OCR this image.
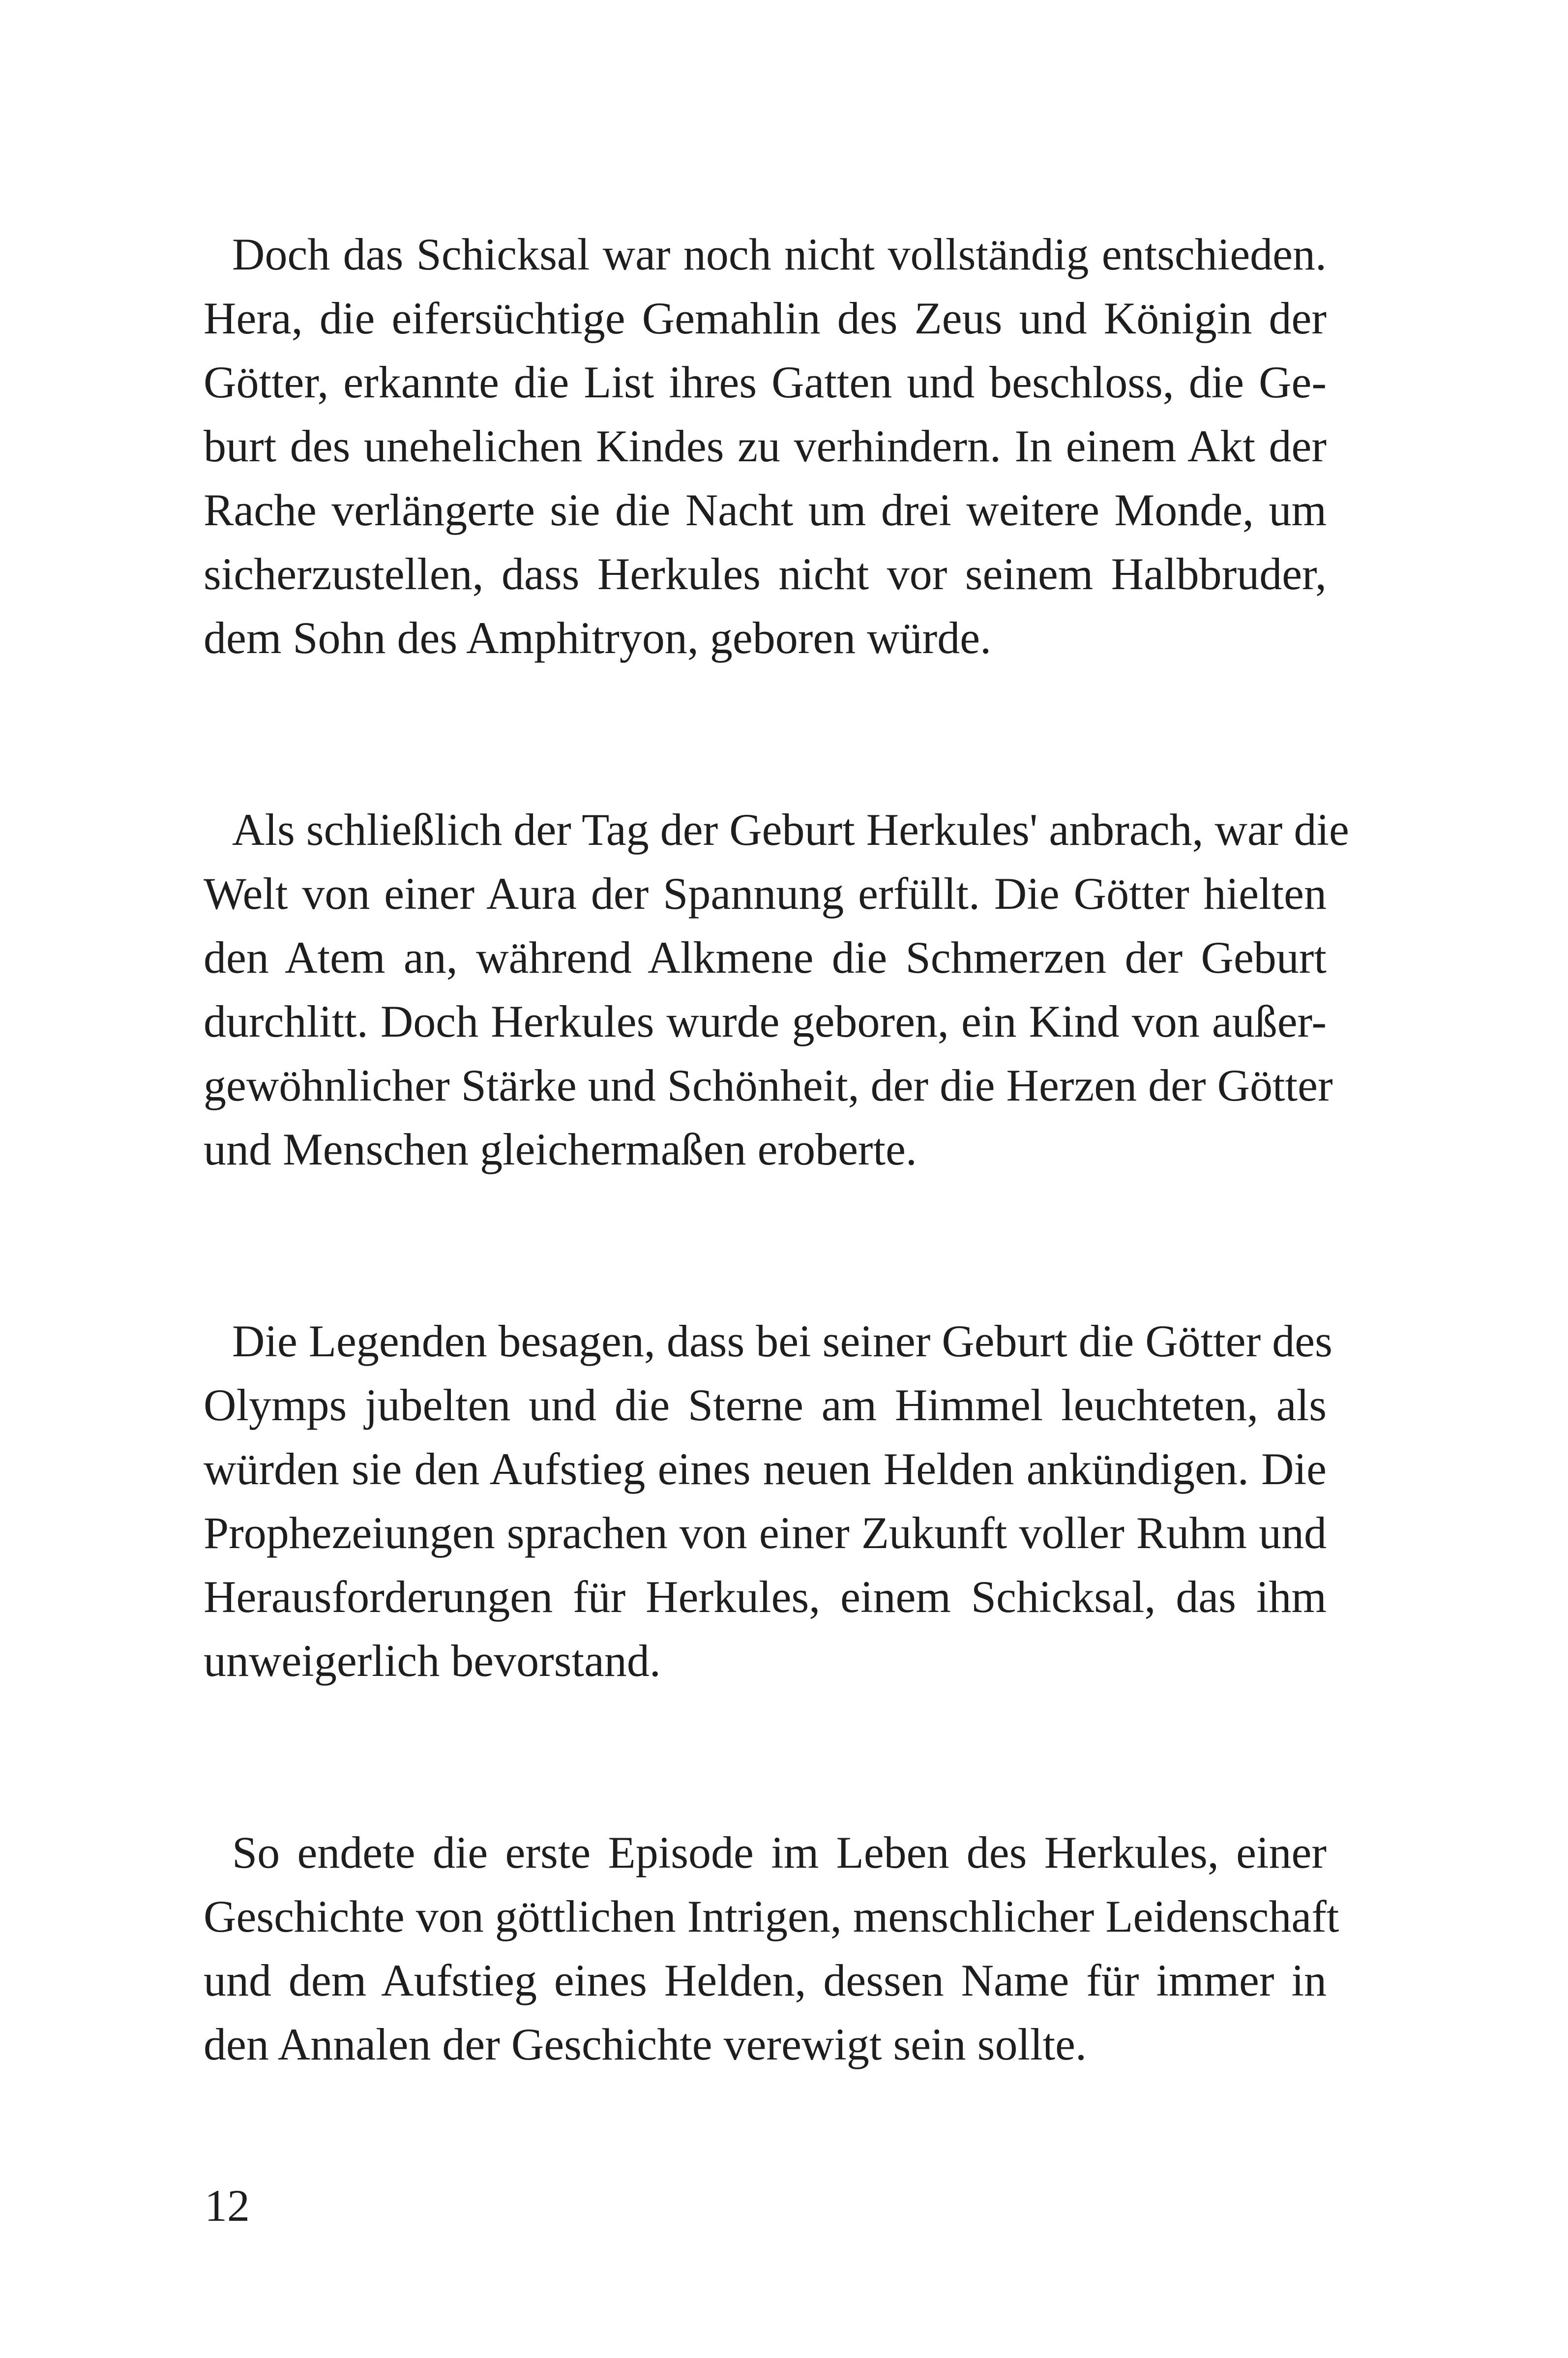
Doch das Schicksal war noch nicht vollständig entschieden.
Hera, die eifersüchtige Gemahlin des Zeus und Königin der
Götter, erkannte die List ihres Gatten und beschloss, die Ge-
burt des unehelichen Kindes zu verhindern. In einem Akt der
Rache verlängerte sie die Nacht um drei weitere Monde, um
sicherzustellen, dass Herkules nicht vor seinem Halbbruder,
dem Sohn des Amphitryon, geboren würde.

Als schließlich der Tag der Geburt Herkules' anbrach, war die
Welt von einer Aura der Spannung erfüllt. Die Götter hielten
den Atem an, während Alkmene die Schmerzen der Geburt
durchlitt. Doch Herkules wurde geboren, ein Kind von außer-
gewöhnlicher Stärke und Schönheit, der die Herzen der Götter
und Menschen gleichermaßen eroberte.

Die Legenden besagen, dass bei seiner Geburt die Götter des
Olymps jubelten und die Sterne am Himmel leuchteten, als
würden sie den Aufstieg eines neuen Helden ankündigen. Die
Prophezeiungen sprachen von einer Zukunft voller Ruhm und
Herausforderungen für Herkules, einem Schicksal, das ihm
unweigerlich bevorstand.

So endete die erste Episode im Leben des Herkules, einer
Geschichte von göttlichen Intrigen, menschlicher Leidenschaft
und dem Aufstieg eines Helden, dessen Name für immer in
den Annalen der Geschichte verewigt sein sollte.

12
